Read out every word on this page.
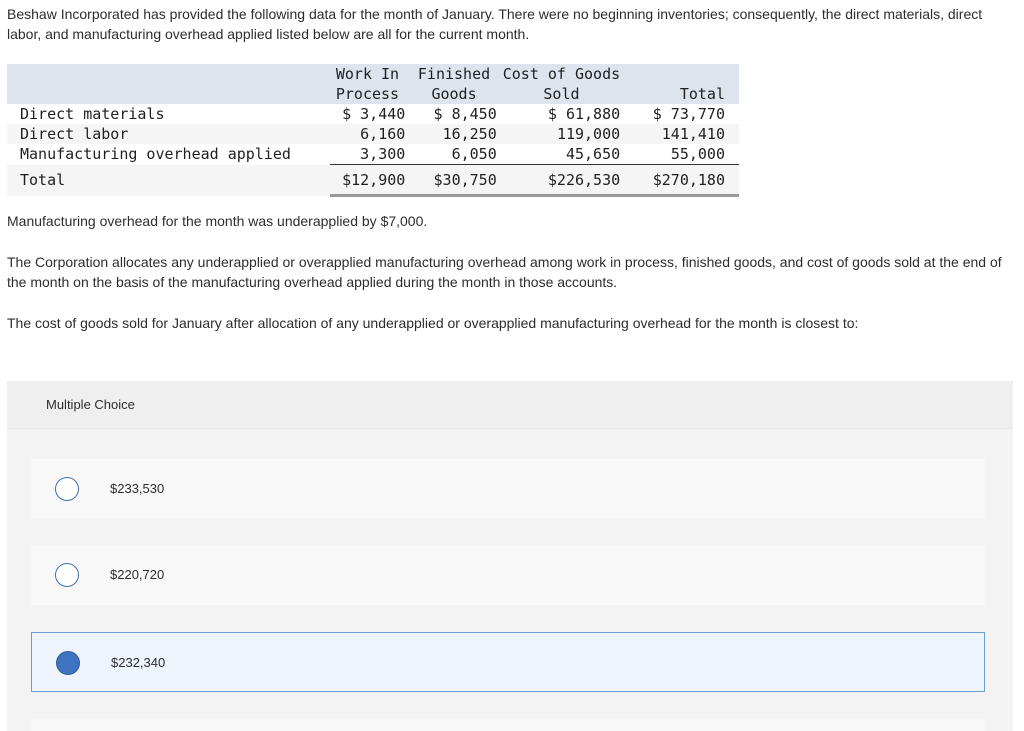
Beshaw Incorporated has provided the following data for the month of January. There were no beginning inventories; consequently, the direct materials, direct labor, and manufacturing overhead applied listed below are all for the current month.

	Work In	Finished	Cost of Goods	
	Process	Goods	Sold	Total
Direct materials	$ 3,440	$ 8,450	$ 61,880	$ 73,770
Direct labor	6,160	16,250	119,000	141,410
Manufacturing overhead applied	3,300	6,050	45,650	55,000
Total	$12,900	$30,750	$226,530	$270,180

Manufacturing overhead for the month was underapplied by $7,000.

The Corporation allocates any underapplied or overapplied manufacturing overhead among work in process, finished goods, and cost of goods sold at the end of the month on the basis of the manufacturing overhead applied during the month in those accounts.

The cost of goods sold for January after allocation of any underapplied or overapplied manufacturing overhead for the month is closest to:

Multiple Choice
$233,530
$220,720
$232,340
